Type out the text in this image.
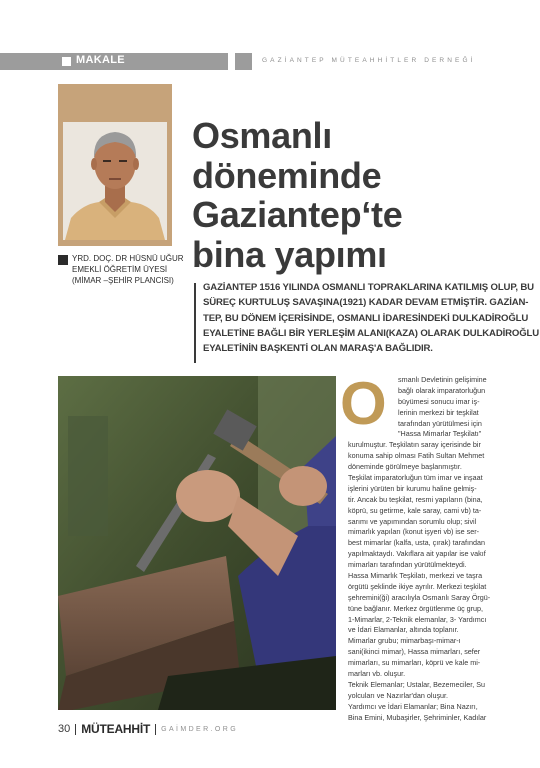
MAKALE	GAZİANTEP MÜTEAHHİTLER DERNEĞİ
YRD. DOÇ. DR HÜSNÜ UĞUR
EMEKLİ ÖĞRETİM ÜYESİ
(MİMAR –ŞEHİR PLANCISI)
Osmanlı
döneminde
Gaziantep‘te
bina yapımı
GAZİANTEP 1516 YILINDA OSMANLI TOPRAKLARINA KATILMIŞ OLUP, BU
SÜREÇ KURTULUŞ SAVAŞINA(1921) KADAR DEVAM ETMİŞTİR. GAZİAN-
TEP, BU DÖNEM İÇERİSİNDE, OSMANLI İDARESİNDEKİ DULKADİROĞLU
EYALETİNE BAĞLI BİR YERLEŞİM ALANI(KAZA) OLARAK DULKADİROĞLU
EYALETİNİN BAŞKENTİ OLAN MARAŞ'A BAĞLIDIR.
O	smanlı Devletinin gelişimine
bağlı olarak imparatorluğun
büyümesi sonucu imar iş-
lerinin merkezi bir teşkilat
tarafından yürütülmesi için
"Hassa Mimarlar Teşkilatı"
kurulmuştur. Teşkilatın saray içerisinde bir
konuma sahip olması Fatih Sultan Mehmet
döneminde görülmeye başlanmıştır.
Teşkilat imparatorluğun tüm imar ve inşaat
işlerini yürüten bir kurumu haline gelmiş-
tir. Ancak bu teşkilat, resmi yapıların (bina,
köprü, su getirme, kale saray, cami vb) ta-
sarımı ve yapımından sorumlu olup; sivil
mimarlık yapıları (konut işyeri vb) ise ser-
best mimarlar (kalfa, usta, çırak) tarafından
yapılmaktaydı. Vakıflara ait yapılar ise vakıf
mimarları tarafından yürütülmekteydi.
Hassa Mimarlık Teşkilatı, merkezi ve taşra
örgütü şeklinde ikiye ayrılır. Merkezi teşkilat
şehremini(ği) aracılıyla Osmanlı Saray Örgü-
tüne bağlanır. Merkez örgütlenme üç grup,
1-Mimarlar, 2-Teknik elemanlar, 3- Yardımcı
ve İdari Elamanlar, altında toplanır.
Mimarlar grubu; mimarbaşı-mimar-ı
sani(ikinci mimar), Hassa mimarları, sefer
mimarları, su mimarları, köprü ve kale mi-
marları vb. oluşur.
Teknik Elemanlar; Ustalar, Bezemeciler, Su
yolcuları ve Nazırlar'dan oluşur.
Yardımcı ve İdari Elamanlar; Bina Nazırı,
Bina Emini, Mubaşirler, Şehriminler, Kadılar
30 MÜTEAHHİT GAİMDER.ORG
